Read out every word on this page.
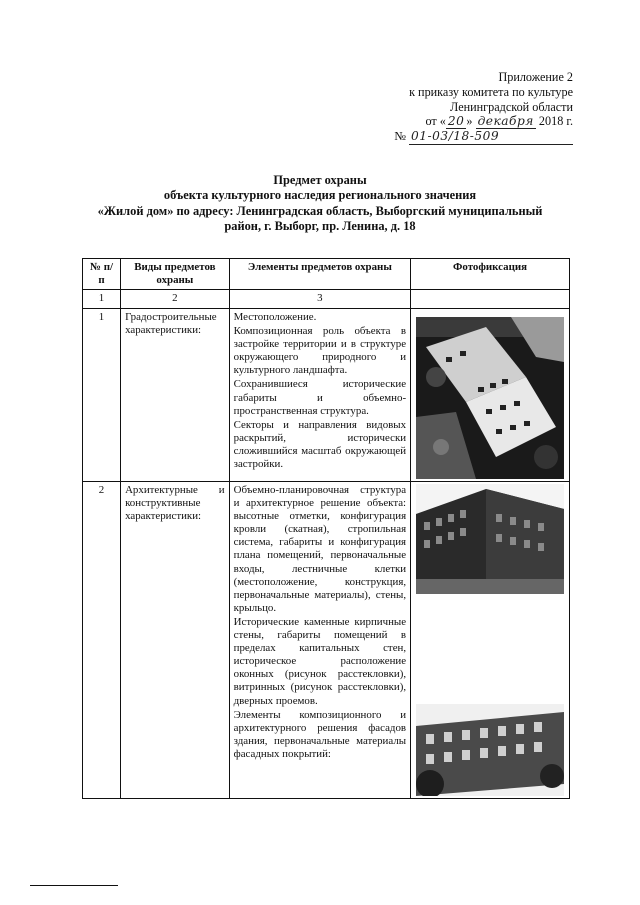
Приложение 2
к приказу комитета по культуре
Ленинградской области
от « 20 » декабря 2018 г.
№ 01-03/18-509
Предмет охраны
объекта культурного наследия регионального значения
«Жилой дом» по адресу: Ленинградская область, Выборгский муниципальный
район, г. Выборг, пр. Ленина, д. 18
№ п/п	Виды предметов охраны	Элементы предметов охраны	Фотофиксация
1	2	3	
1	Градостроительные характеристики:	Местоположение.
Композиционная роль объекта в застройке территории и в структуре окружающего природного и культурного ландшафта.
Сохранившиеся исторические габариты и объемно-пространственная структура.
Секторы и направления видовых раскрытий, исторически сложившийся масштаб окружающей застройки.

2	Архитектурные и конструктивные характеристики:	Объемно-планировочная структура и архитектурное решение объекта: высотные отметки, конфигурация кровли (скатная), стропильная система, габариты и конфигурация плана помещений, первоначальные входы, лестничные клетки (местоположение, конструкция, первоначальные материалы), стены, крыльцо.
Исторические каменные кирпичные стены, габариты помещений в пределах капитальных стен, историческое расположение оконных (рисунок расстекловки), витринных (рисунок расстекловки), дверных проемов.
Элементы композиционного и архитектурного решения фасадов здания, первоначальные материалы фасадных покрытий:
